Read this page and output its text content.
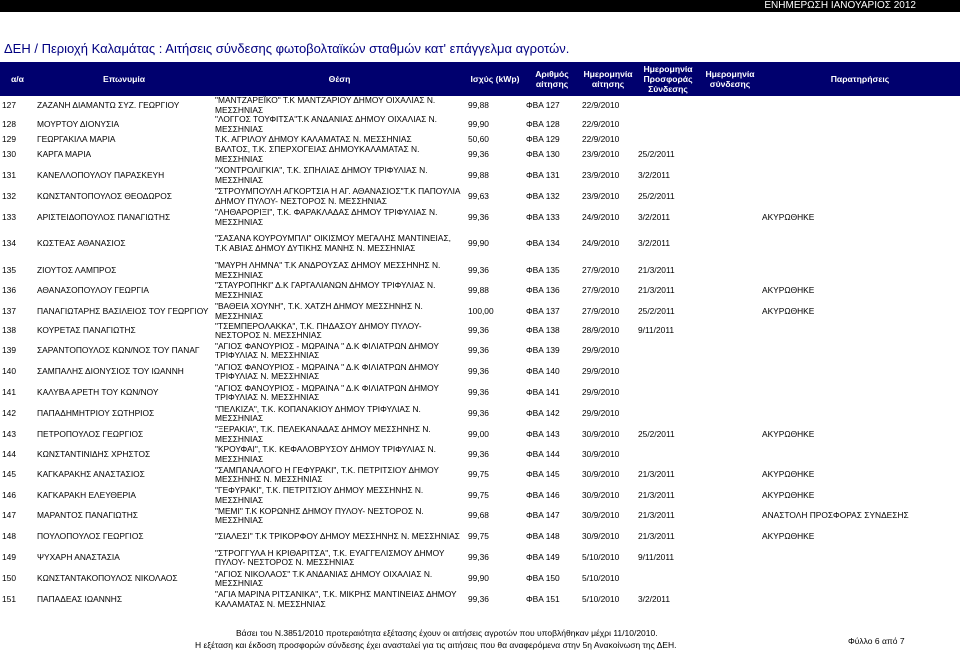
ΕΝΗΜΕΡΩΣΗ ΙΑΝΟΥΑΡΙΟΣ 2012
ΔΕΗ / Περιοχή Καλαμάτας : Αιτήσεις σύνδεσης φωτοβολταϊκών σταθμών κατ' επάγγελμα αγροτών.
α/α	Επωνυμία	Θέση	Ισχύς (kWp)	Αριθμός αίτησης	Ημερομηνία αίτησης	Ημερομηνία Προσφοράς Σύνδεσης	Ημερομηνία σύνδεσης	Παρατηρήσεις
127	ΖΑΖΑΝΗ ΔΙΑΜΑΝΤΩ ΣΥΖ. ΓΕΩΡΓΙΟΥ	"ΜΑΝΤΖΑΡΕΪΚΟ" Τ.Κ ΜΑΝΤΖΑΡΙΟΥ ΔΗΜΟΥ ΟΙΧΑΛΙΑΣ Ν. ΜΕΣΣΗΝΙΑΣ	99,88	ΦΒΑ 127	22/9/2010			
128	ΜΟΥΡΤΟΥ ΔΙΟΝΥΣΙΑ	"ΛΟΓΓΟΣ ΤΟΥΦΙΤΣΑ"Τ.Κ ΑΝΔΑΝΙΑΣ ΔΗΜΟΥ ΟΙΧΑΛΙΑΣ Ν. ΜΕΣΣΗΝΙΑΣ	99,90	ΦΒΑ 128	22/9/2010			
129	ΓΕΩΡΓΑΚΙΛΑ ΜΑΡΙΑ	Τ.Κ. ΑΓΡΙΛΟΥ ΔΗΜΟΥ ΚΑΛΑΜΑΤΑΣ Ν. ΜΕΣΣΗΝΙΑΣ	50,60	ΦΒΑ 129	22/9/2010			
130	ΚΑΡΓΑ ΜΑΡΙΑ	ΒΑΛΤΟΣ, Τ.Κ. ΣΠΕΡΧΟΓΕΙΑΣ ΔΗΜΟΥΚΑΛΑΜΑΤΑΣ Ν. ΜΕΣΣΗΝΙΑΣ	99,36	ΦΒΑ 130	23/9/2010	25/2/2011		
131	ΚΑΝΕΛΛΟΠΟΥΛΟΥ ΠΑΡΑΣΚΕΥΗ	"ΧΟΝΤΡΟΛΙΓΚΙΑ", Τ.Κ. ΣΠΗΛΙΑΣ ΔΗΜΟΥ ΤΡΙΦΥΛΙΑΣ Ν. ΜΕΣΣΗΝΙΑΣ	99,88	ΦΒΑ 131	23/9/2010	3/2/2011		
132	ΚΩΝΣΤΑΝΤΟΠΟΥΛΟΣ ΘΕΟΔΩΡΟΣ	"ΣΤΡΟΥΜΠΟΥΛΗ ΑΓΚΟΡΤΣΙΑ Η ΑΓ. ΑΘΑΝΑΣΙΟΣ"Τ.Κ ΠΑΠΟΥΛΙΑ ΔΗΜΟΥ ΠΥΛΟΥ- ΝΕΣΤΟΡΟΣ Ν. ΜΕΣΣΗΝΙΑΣ	99,63	ΦΒΑ 132	23/9/2010	25/2/2011		
133	ΑΡΙΣΤΕΙΔΟΠΟΥΛΟΣ ΠΑΝΑΓΙΩΤΗΣ	"ΛΗΘΑΡΟΡΙΞΙ", Τ.Κ. ΦΑΡΑΚΛΑΔΑΣ ΔΗΜΟΥ ΤΡΙΦΥΛΙΑΣ Ν. ΜΕΣΣΗΝΙΑΣ	99,36	ΦΒΑ 133	24/9/2010	3/2/2011		ΑΚΥΡΩΘΗΚΕ
134	ΚΩΣΤΕΑΣ ΑΘΑΝΑΣΙΟΣ	"ΣΑΣΑΝΑ ΚΟΥΡΟΥΜΠΛΙ" ΟΙΚΙΣΜΟΥ ΜΕΓΑΛΗΣ ΜΑΝΤΙΝΕΙΑΣ, Τ.Κ ΑΒΙΑΣ ΔΗΜΟΥ ΔΥΤΙΚΗΣ ΜΑΝΗΣ Ν. ΜΕΣΣΗΝΙΑΣ	99,90	ΦΒΑ 134	24/9/2010	3/2/2011		
135	ΖΙΟΥΤΟΣ ΛΑΜΠΡΟΣ	"ΜΑΥΡΗ ΛΗΜΝΑ" Τ.Κ ΑΝΔΡΟΥΣΑΣ ΔΗΜΟΥ ΜΕΣΣΗΝΗΣ Ν. ΜΕΣΣΗΝΙΑΣ	99,36	ΦΒΑ 135	27/9/2010	21/3/2011		
136	ΑΘΑΝΑΣΟΠΟΥΛΟΥ ΓΕΩΡΓΙΑ	"ΣΤΑΥΡΟΠΗΚΙ" Δ.Κ ΓΑΡΓΑΛΙΑΝΩΝ ΔΗΜΟΥ ΤΡΙΦΥΛΙΑΣ Ν. ΜΕΣΣΗΝΙΑΣ	99,88	ΦΒΑ 136	27/9/2010	21/3/2011		ΑΚΥΡΩΘΗΚΕ
137	ΠΑΝΑΓΙΩΤΑΡΗΣ ΒΑΣΙΛΕΙΟΣ ΤΟΥ ΓΕΩΡΓΙΟΥ	"ΒΑΘΕΙΑ ΧΟΥΝΗ", Τ.Κ. ΧΑΤΖΗ ΔΗΜΟΥ ΜΕΣΣΗΝΗΣ Ν. ΜΕΣΣΗΝΙΑΣ	100,00	ΦΒΑ 137	27/9/2010	25/2/2011		ΑΚΥΡΩΘΗΚΕ
138	ΚΟΥΡΕΤΑΣ ΠΑΝΑΓΙΩΤΗΣ	"ΤΣΕΜΠΕΡΟΛΑΚΚΑ", Τ.Κ. ΠΗΔΑΣΟΥ ΔΗΜΟΥ ΠΥΛΟΥ-ΝΕΣΤΟΡΟΣ Ν. ΜΕΣΣΗΝΙΑΣ	99,36	ΦΒΑ 138	28/9/2010	9/11/2011		
139	ΣΑΡΑΝΤΟΠΟΥΛΟΣ ΚΩΝ/ΝΟΣ ΤΟΥ ΠΑΝΑΓ	"ΑΓΙΟΣ ΦΑΝΟΥΡΙΟΣ - ΜΩΡΑΙΝΑ " Δ.Κ ΦΙΛΙΑΤΡΩΝ ΔΗΜΟΥ ΤΡΙΦΥΛΙΑΣ Ν. ΜΕΣΣΗΝΙΑΣ	99,36	ΦΒΑ 139	29/9/2010			
140	ΣΑΜΠΑΛΗΣ ΔΙΟΝΥΣΙΟΣ ΤΟΥ ΙΩΑΝΝΗ	"ΑΓΙΟΣ ΦΑΝΟΥΡΙΟΣ - ΜΩΡΑΙΝΑ " Δ.Κ ΦΙΛΙΑΤΡΩΝ ΔΗΜΟΥ ΤΡΙΦΥΛΙΑΣ Ν. ΜΕΣΣΗΝΙΑΣ	99,36	ΦΒΑ 140	29/9/2010			
141	ΚΑΛΥΒΑ ΑΡΕΤΗ ΤΟΥ ΚΩΝ/ΝΟΥ	"ΑΓΙΟΣ ΦΑΝΟΥΡΙΟΣ - ΜΩΡΑΙΝΑ " Δ.Κ ΦΙΛΙΑΤΡΩΝ ΔΗΜΟΥ ΤΡΙΦΥΛΙΑΣ Ν. ΜΕΣΣΗΝΙΑΣ	99,36	ΦΒΑ 141	29/9/2010			
142	ΠΑΠΑΔΗΜΗΤΡΙΟΥ ΣΩΤΗΡΙΟΣ	"ΠΕΛΚΙΖΑ", Τ.Κ. ΚΟΠΑΝΑΚΙΟΥ ΔΗΜΟΥ ΤΡΙΦΥΛΙΑΣ Ν. ΜΕΣΣΗΝΙΑΣ	99,36	ΦΒΑ 142	29/9/2010			
143	ΠΕΤΡΟΠΟΥΛΟΣ ΓΕΩΡΓΙΟΣ	"ΞΕΡΑΚΙΑ", Τ.Κ. ΠΕΛΕΚΑΝΑΔΑΣ ΔΗΜΟΥ ΜΕΣΣΗΝΗΣ Ν. ΜΕΣΣΗΝΙΑΣ	99,00	ΦΒΑ 143	30/9/2010	25/2/2011		ΑΚΥΡΩΘΗΚΕ
144	ΚΩΝΣΤΑΝΤΙΝΙΔΗΣ ΧΡΗΣΤΟΣ	"ΚΡΟΥΦΑΙ", Τ.Κ. ΚΕΦΑΛΟΒΡΥΣΟΥ ΔΗΜΟΥ ΤΡΙΦΥΛΙΑΣ Ν. ΜΕΣΣΗΝΙΑΣ	99,36	ΦΒΑ 144	30/9/2010			
145	ΚΑΓΚΑΡΑΚΗΣ ΑΝΑΣΤΑΣΙΟΣ	"ΣΑΜΠΑΝΑΛΟΓΟ Η ΓΕΦΥΡΑΚΙ", Τ.Κ. ΠΕΤΡΙΤΣΙΟΥ ΔΗΜΟΥ ΜΕΣΣΗΝΗΣ Ν. ΜΕΣΣΗΝΙΑΣ	99,75	ΦΒΑ 145	30/9/2010	21/3/2011		ΑΚΥΡΩΘΗΚΕ
146	ΚΑΓΚΑΡΑΚΗ ΕΛΕΥΘΕΡΙΑ	"ΓΕΦΥΡΑΚΙ", Τ.Κ. ΠΕΤΡΙΤΣΙΟΥ ΔΗΜΟΥ ΜΕΣΣΗΝΗΣ Ν. ΜΕΣΣΗΝΙΑΣ	99,75	ΦΒΑ 146	30/9/2010	21/3/2011		ΑΚΥΡΩΘΗΚΕ
147	ΜΑΡΑΝΤΟΣ ΠΑΝΑΓΙΩΤΗΣ	"ΜΕΜΙ" Τ.Κ ΚΟΡΩΝΗΣ ΔΗΜΟΥ ΠΥΛΟΥ- ΝΕΣΤΟΡΟΣ Ν. ΜΕΣΣΗΝΙΑΣ	99,68	ΦΒΑ 147	30/9/2010	21/3/2011		ΑΝΑΣΤΟΛΗ ΠΡΟΣΦΟΡΑΣ ΣΥΝΔΕΣΗΣ
148	ΠΟΥΛΟΠΟΥΛΟΣ ΓΕΩΡΓΙΟΣ	"ΣΙΑΛΕΣΙ" Τ.Κ ΤΡΙΚΟΡΦΟΥ ΔΗΜΟΥ ΜΕΣΣΗΝΗΣ Ν. ΜΕΣΣΗΝΙΑΣ	99,75	ΦΒΑ 148	30/9/2010	21/3/2011		ΑΚΥΡΩΘΗΚΕ
149	ΨΥΧΑΡΗ ΑΝΑΣΤΑΣΙΑ	"ΣΤΡΟΓΓΥΛΑ Η ΚΡΙΘΑΡΙΤΣΑ", Τ.Κ. ΕΥΑΓΓΕΛΙΣΜΟΥ ΔΗΜΟΥ ΠΥΛΟΥ- ΝΕΣΤΟΡΟΣ Ν. ΜΕΣΣΗΝΙΑΣ	99,36	ΦΒΑ 149	5/10/2010	9/11/2011		
150	ΚΩΝΣΤΑΝΤΑΚΟΠΟΥΛΟΣ ΝΙΚΟΛΑΟΣ	"ΑΓΙΟΣ ΝΙΚΟΛΑΟΣ" Τ.Κ ΑΝΔΑΝΙΑΣ ΔΗΜΟΥ ΟΙΧΑΛΙΑΣ Ν. ΜΕΣΣΗΝΙΑΣ	99,90	ΦΒΑ 150	5/10/2010			
151	ΠΑΠΑΔΕΑΣ ΙΩΑΝΝΗΣ	"ΑΓΙΑ ΜΑΡΙΝΑ ΡΙΤΣΑΝΙΚΑ", Τ.Κ. ΜΙΚΡΗΣ ΜΑΝΤΙΝΕΙΑΣ ΔΗΜΟΥ ΚΑΛΑΜΑΤΑΣ Ν. ΜΕΣΣΗΝΙΑΣ	99,36	ΦΒΑ 151	5/10/2010	3/2/2011		
Βάσει του Ν.3851/2010 προτεραιότητα εξέτασης έχουν οι αιτήσεις αγροτών που υποβλήθηκαν μέχρι 11/10/2010.
Η εξέταση και έκδοση προσφορών σύνδεσης έχει ανασταλεί για τις αιτήσεις που θα αναφερόμενα στην 5η Ανακοίνωση της ΔΕΗ.	Φύλλο 6 από 7
